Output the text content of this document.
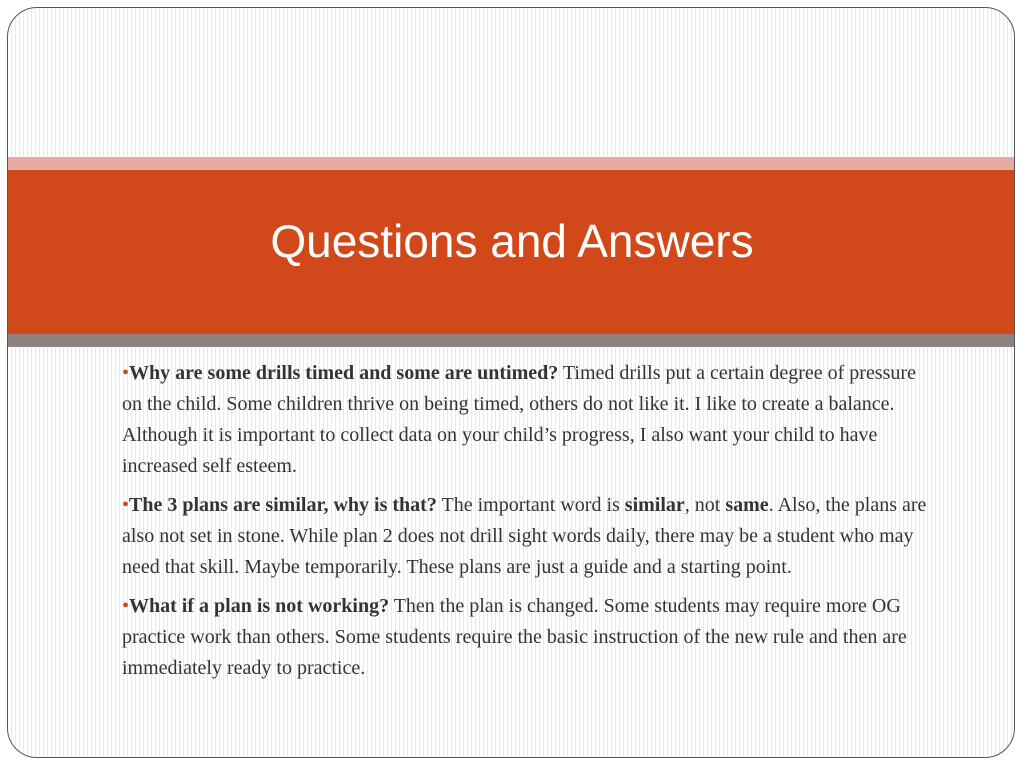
Questions and Answers

•Why are some drills timed and some are untimed? Timed drills put a certain degree of pressure on the child. Some children thrive on being timed, others do not like it. I like to create a balance. Although it is important to collect data on your child’s progress, I also want your child to have increased self esteem.

•The 3 plans are similar, why is that? The important word is similar, not same. Also, the plans are also not set in stone. While plan 2 does not drill sight words daily, there may be a student who may need that skill. Maybe temporarily. These plans are just a guide and a starting point.

•What if a plan is not working? Then the plan is changed. Some students may require more OG practice work than others. Some students require the basic instruction of the new rule and then are immediately ready to practice.
